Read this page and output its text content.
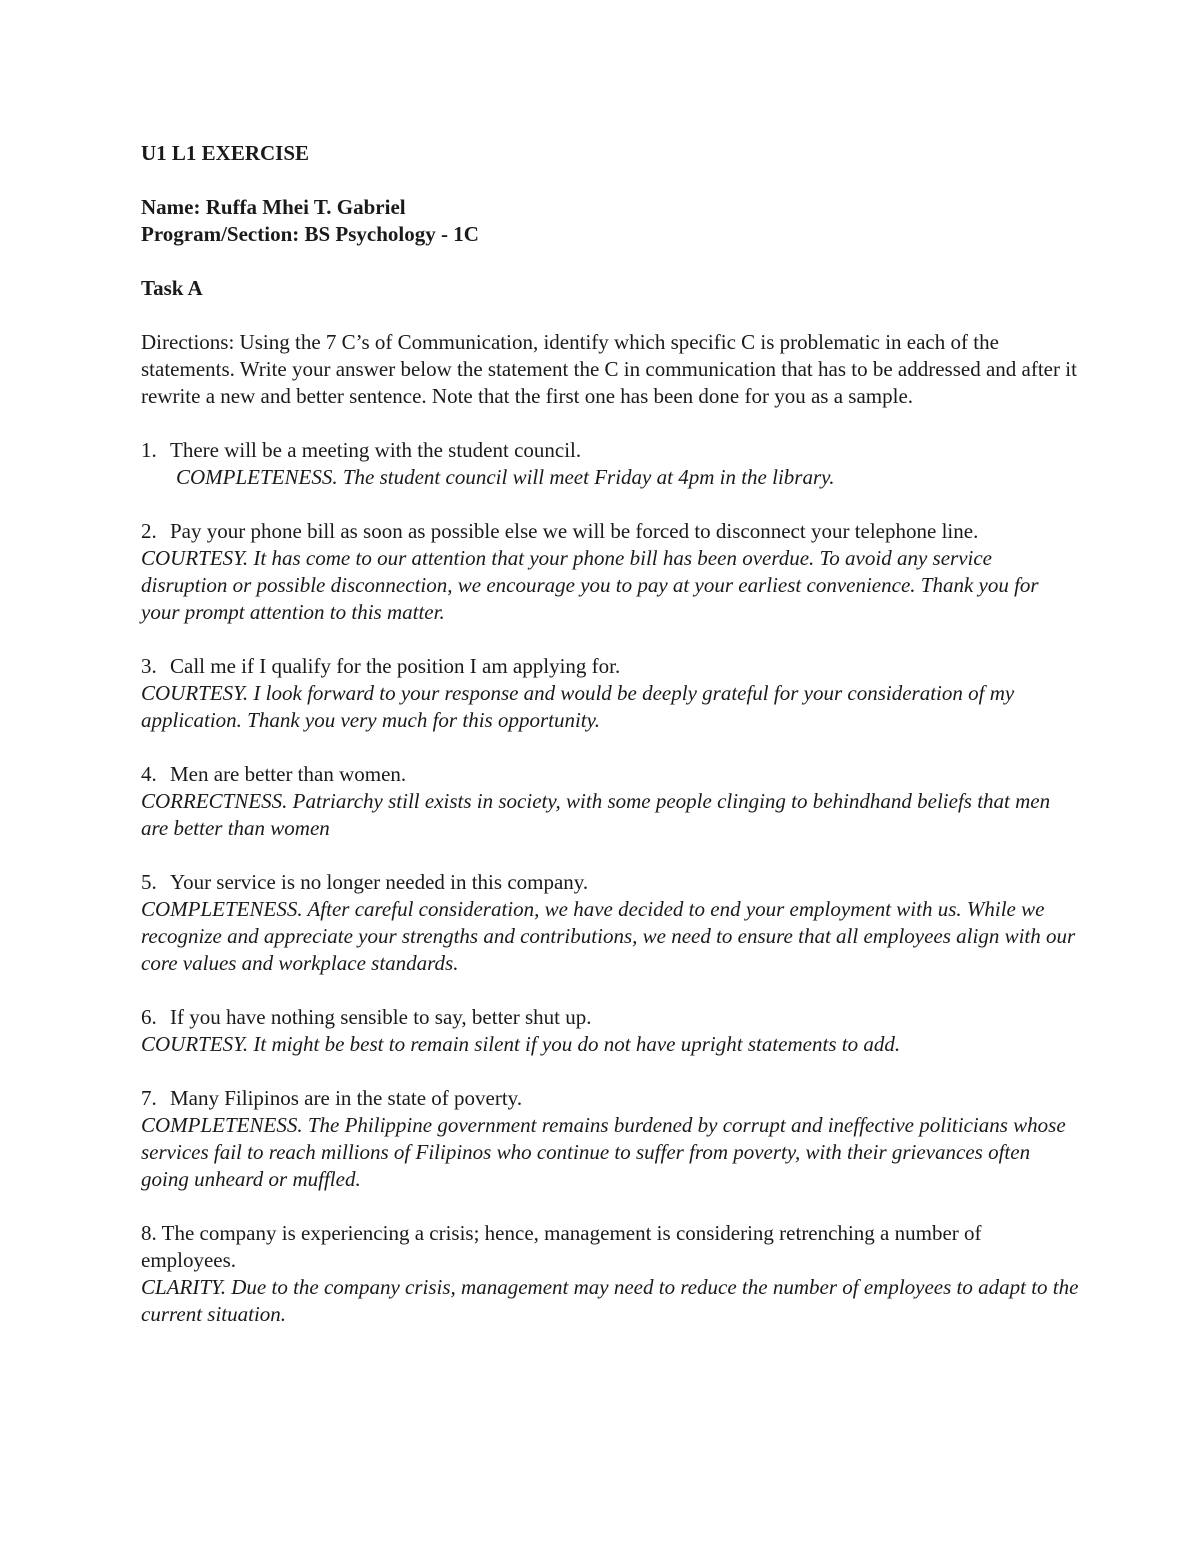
U1 L1 EXERCISE

Name: Ruffa Mhei T. Gabriel

Program/Section: BS Psychology - 1C

Task A

Directions: Using the 7 C’s of Communication, identify which specific C is problematic in each of the statements. Write your answer below the statement the C in communication that has to be addressed and after it rewrite a new and better sentence. Note that the first one has been done for you as a sample.

1. There will be a meeting with the student council.

COMPLETENESS. The student council will meet Friday at 4pm in the library.

2. Pay your phone bill as soon as possible else we will be forced to disconnect your telephone line.

COURTESY. It has come to our attention that your phone bill has been overdue. To avoid any service disruption or possible disconnection, we encourage you to pay at your earliest convenience. Thank you for your prompt attention to this matter.

3. Call me if I qualify for the position I am applying for.

COURTESY. I look forward to your response and would be deeply grateful for your consideration of my application. Thank you very much for this opportunity.

4. Men are better than women.

CORRECTNESS. Patriarchy still exists in society, with some people clinging to behindhand beliefs that men are better than women

5. Your service is no longer needed in this company.

COMPLETENESS. After careful consideration, we have decided to end your employment with us. While we recognize and appreciate your strengths and contributions, we need to ensure that all employees align with our core values and workplace standards.

6. If you have nothing sensible to say, better shut up.

COURTESY. It might be best to remain silent if you do not have upright statements to add.

7. Many Filipinos are in the state of poverty.

COMPLETENESS. The Philippine government remains burdened by corrupt and ineffective politicians whose services fail to reach millions of Filipinos who continue to suffer from poverty, with their grievances often going unheard or muffled.

8. The company is experiencing a crisis; hence, management is considering retrenching a number of employees.

CLARITY. Due to the company crisis, management may need to reduce the number of employees to adapt to the current situation.
